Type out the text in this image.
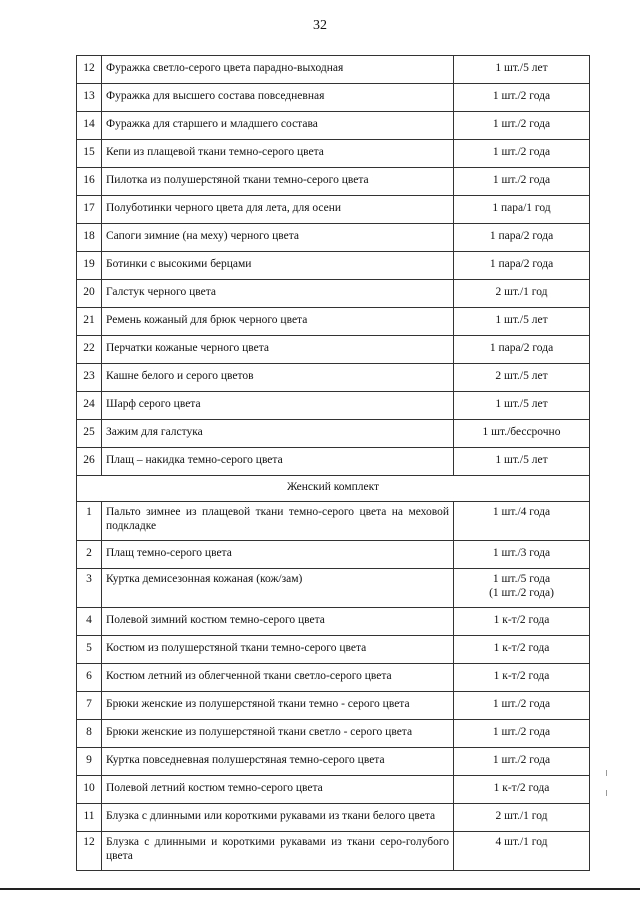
32
12	Фуражка светло-серого цвета парадно-выходная	1 шт./5 лет
13	Фуражка для высшего состава повседневная	1 шт./2 года
14	Фуражка для старшего и младшего состава	1 шт./2 года
15	Кепи из плащевой ткани темно-серого цвета	1 шт./2 года
16	Пилотка из полушерстяной ткани темно-серого цвета	1 шт./2 года
17	Полуботинки черного цвета для лета, для осени	1 пара/1 год
18	Сапоги зимние (на меху) черного цвета	1 пара/2 года
19	Ботинки с высокими берцами	1 пара/2 года
20	Галстук черного цвета	2 шт./1 год
21	Ремень кожаный для брюк черного цвета	1 шт./5 лет
22	Перчатки кожаные черного цвета	1 пара/2 года
23	Кашне белого и серого цветов	2 шт./5 лет
24	Шарф серого цвета	1 шт./5 лет
25	Зажим для галстука	1 шт./бессрочно
26	Плащ – накидка темно-серого цвета	1 шт./5 лет
Женский комплект		
1	Пальто зимнее из плащевой ткани темно-серого цвета на меховой подкладке	1 шт./4 года

2	Плащ темно-серого цвета	1 шт./3 года

3	Куртка демисезонная кожаная (кож/зам)	1 шт./5 года
(1 шт./2 года)

4	Полевой зимний костюм темно-серого цвета	1 к-т/2 года

5	Костюм из полушерстяной ткани темно-серого цвета	1 к-т/2 года

6	Костюм летний из облегченной ткани светло-серого цвета	1 к-т/2 года

7	Брюки женские из полушерстяной ткани темно - серого цвета	1 шт./2 года

8	Брюки женские из полушерстяной ткани светло - серого цвета	1 шт./2 года

9	Куртка повседневная полушерстяная темно-серого цвета	1 шт./2 года

10	Полевой летний костюм темно-серого цвета	1 к-т/2 года

11	Блузка с длинными или короткими рукавами из ткани белого цвета	2 шт./1 год

12	Блузка с длинными и короткими рукавами из ткани серо-голубого цвета	4 шт./1 год
